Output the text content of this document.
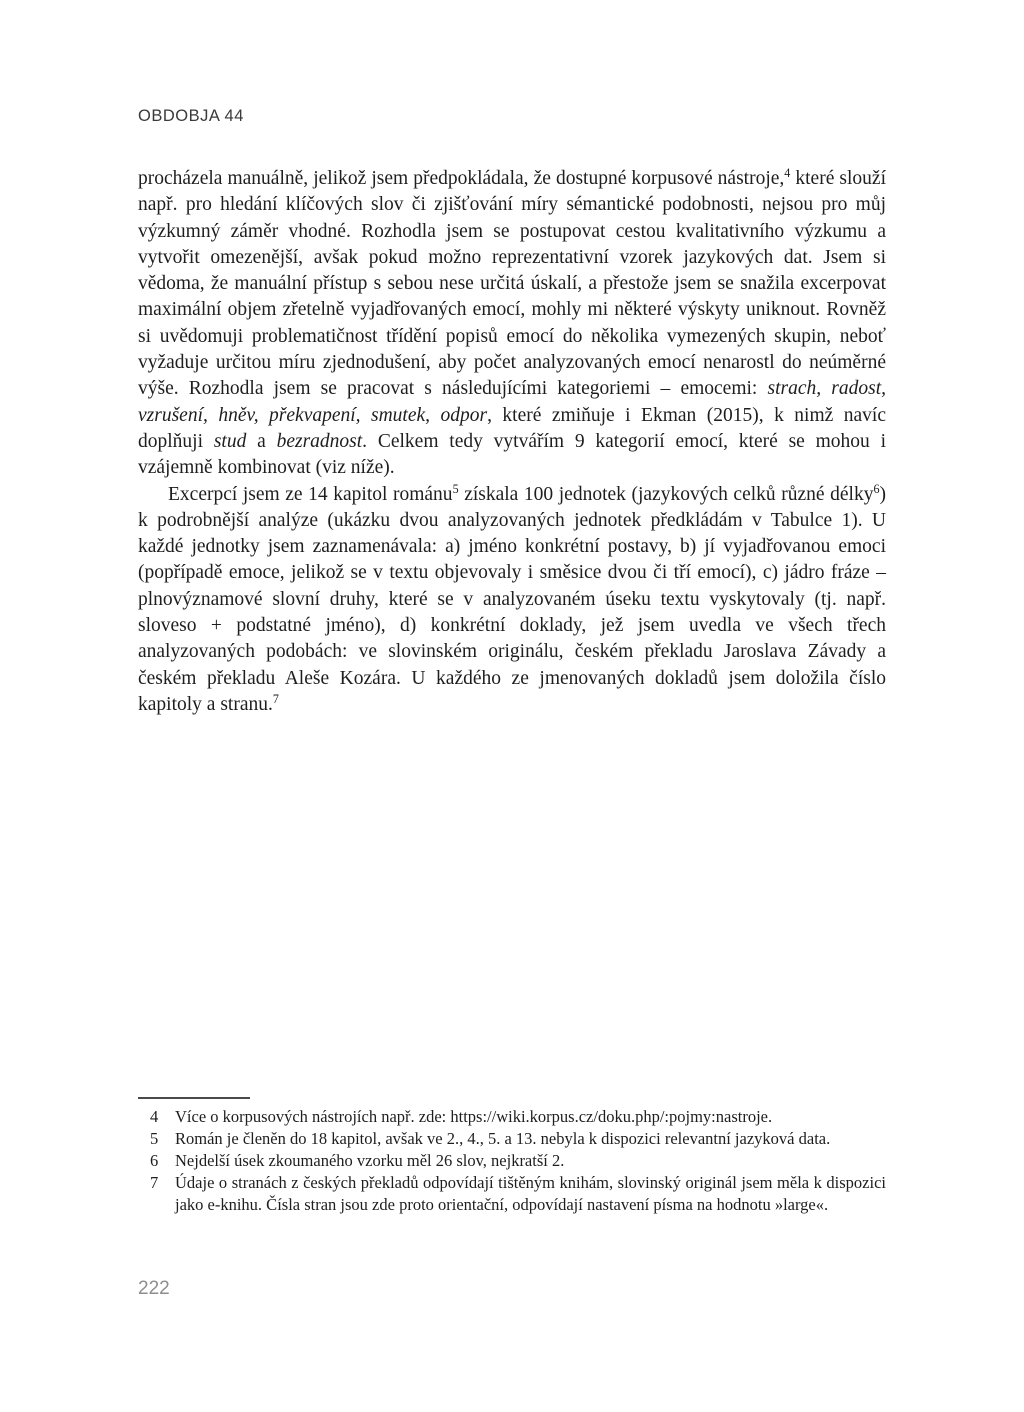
OBDOBJA 44

procházela manuálně, jelikož jsem předpokládala, že dostupné korpusové nástroje,$^4$ které slouží např. pro hledání klíčových slov či zjišťování míry sémantické podobnosti, nejsou pro můj výzkumný záměr vhodné. Rozhodla jsem se postupovat cestou kvalitativního výzkumu a vytvořit omezenější, avšak pokud možno reprezentativní vzorek jazykových dat. Jsem si vědoma, že manuální přístup s sebou nese určitá úskalí, a přestože jsem se snažila excerpovat maximální objem zřetelně vyjadřovaných emocí, mohly mi některé výskyty uniknout. Rovněž si uvědomuji problematičnost třídění popisů emocí do několika vymezených skupin, neboť vyžaduje určitou míru zjednodušení, aby počet analyzovaných emocí nenarostl do neúměrné výše. Rozhodla jsem se pracovat s následujícími kategoriemi – emocemi: strach, radost, vzrušení, hněv, překvapení, smutek, odpor, které zmiňuje i Ekman (2015), k nimž navíc doplňuji stud a bezradnost. Celkem tedy vytvářím 9 kategorií emocí, které se mohou i vzájemně kombinovat (viz níže).

Excerpcí jsem ze 14 kapitol románu$^5$ získala 100 jednotek (jazykových celků různé délky$^6$) k podrobnější analýze (ukázku dvou analyzovaných jednotek předkládám v Tabulce 1). U každé jednotky jsem zaznamenávala: a) jméno konkrétní postavy, b) jí vyjadřovanou emoci (popřípadě emoce, jelikož se v textu objevovaly i směsice dvou či tří emocí), c) jádro fráze – plnovýznamové slovní druhy, které se v analyzovaném úseku textu vyskytovaly (tj. např. sloveso + podstatné jméno), d) konkrétní doklady, jež jsem uvedla ve všech třech analyzovaných podobách: ve slovinském originálu, českém překladu Jaroslava Závady a českém překladu Aleše Kozára. U každého ze jmenovaných dokladů jsem doložila číslo kapitoly a stranu.$^7$

4 Více o korpusových nástrojích např. zde: https://wiki.korpus.cz/doku.php/:pojmy:nastroje.
5 Román je členěn do 18 kapitol, avšak ve 2., 4., 5. a 13. nebyla k dispozici relevantní jazyková data.
6 Nejdelší úsek zkoumaného vzorku měl 26 slov, nejkratší 2.
7 Údaje o stranách z českých překladů odpovídají tištěným knihám, slovinský originál jsem měla k dispozici jako e-knihu. Čísla stran jsou zde proto orientační, odpovídají nastavení písma na hodnotu »large«.
222
